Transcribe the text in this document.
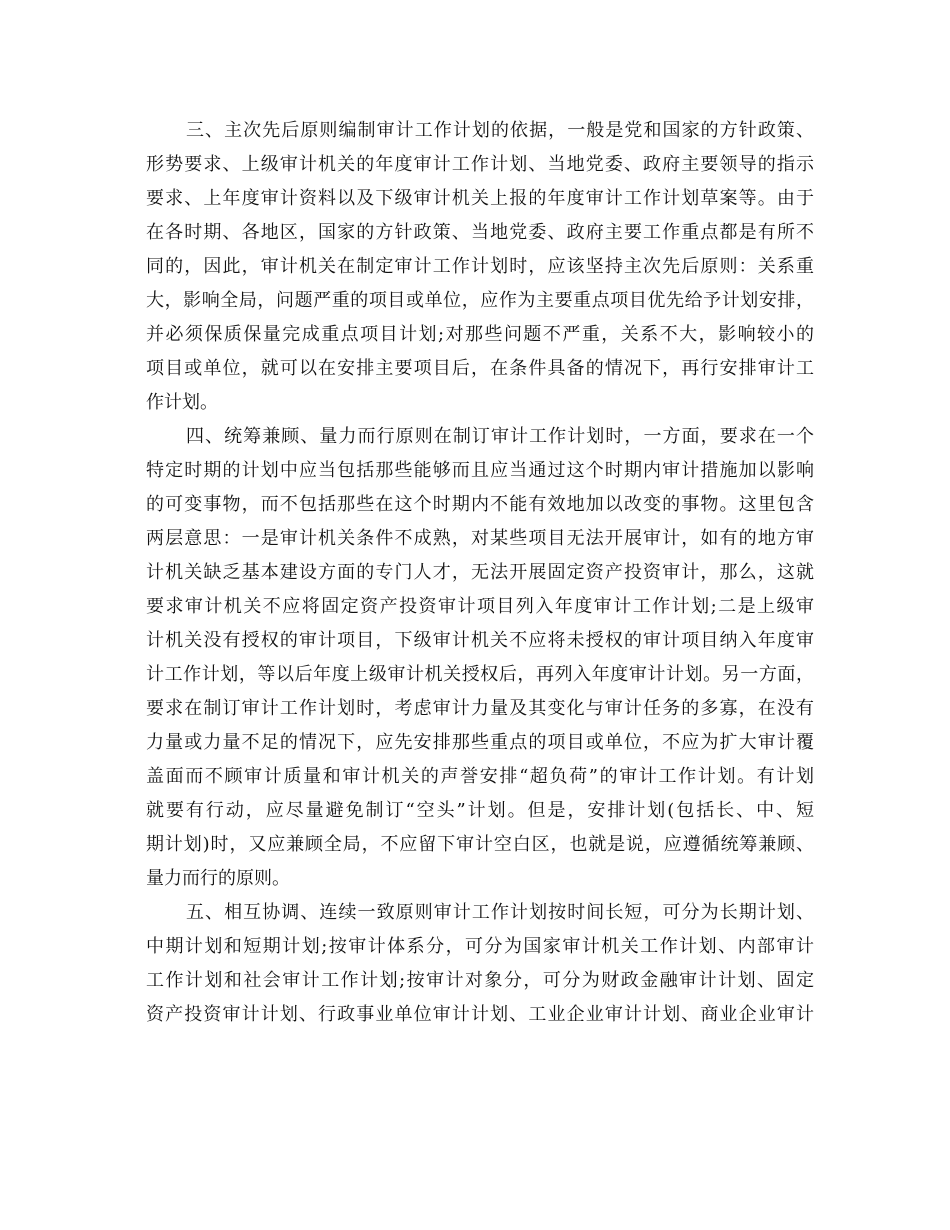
三、主次先后原则编制审计工作计划的依据，一般是党和国家的方针政策、
形势要求、上级审计机关的年度审计工作计划、当地党委、政府主要领导的指示
要求、上年度审计资料以及下级审计机关上报的年度审计工作计划草案等。由于
在各时期、各地区，国家的方针政策、当地党委、政府主要工作重点都是有所不
同的，因此，审计机关在制定审计工作计划时，应该坚持主次先后原则：关系重
大，影响全局，问题严重的项目或单位，应作为主要重点项目优先给予计划安排，
并必须保质保量完成重点项目计划;对那些问题不严重，关系不大，影响较小的
项目或单位，就可以在安排主要项目后，在条件具备的情况下，再行安排审计工
作计划。
四、统筹兼顾、量力而行原则在制订审计工作计划时，一方面，要求在一个
特定时期的计划中应当包括那些能够而且应当通过这个时期内审计措施加以影响
的可变事物，而不包括那些在这个时期内不能有效地加以改变的事物。这里包含
两层意思：一是审计机关条件不成熟，对某些项目无法开展审计，如有的地方审
计机关缺乏基本建设方面的专门人才，无法开展固定资产投资审计，那么，这就
要求审计机关不应将固定资产投资审计项目列入年度审计工作计划;二是上级审
计机关没有授权的审计项目，下级审计机关不应将未授权的审计项目纳入年度审
计工作计划，等以后年度上级审计机关授权后，再列入年度审计计划。另一方面，
要求在制订审计工作计划时，考虑审计力量及其变化与审计任务的多寡，在没有
力量或力量不足的情况下，应先安排那些重点的项目或单位，不应为扩大审计覆
盖面而不顾审计质量和审计机关的声誉安排“超负荷”的审计工作计划。有计划
就要有行动，应尽量避免制订“空头”计划。但是，安排计划(包括长、中、短
期计划)时，又应兼顾全局，不应留下审计空白区，也就是说，应遵循统筹兼顾、
量力而行的原则。
五、相互协调、连续一致原则审计工作计划按时间长短，可分为长期计划、
中期计划和短期计划;按审计体系分，可分为国家审计机关工作计划、内部审计
工作计划和社会审计工作计划;按审计对象分，可分为财政金融审计计划、固定
资产投资审计计划、行政事业单位审计计划、工业企业审计计划、商业企业审计
